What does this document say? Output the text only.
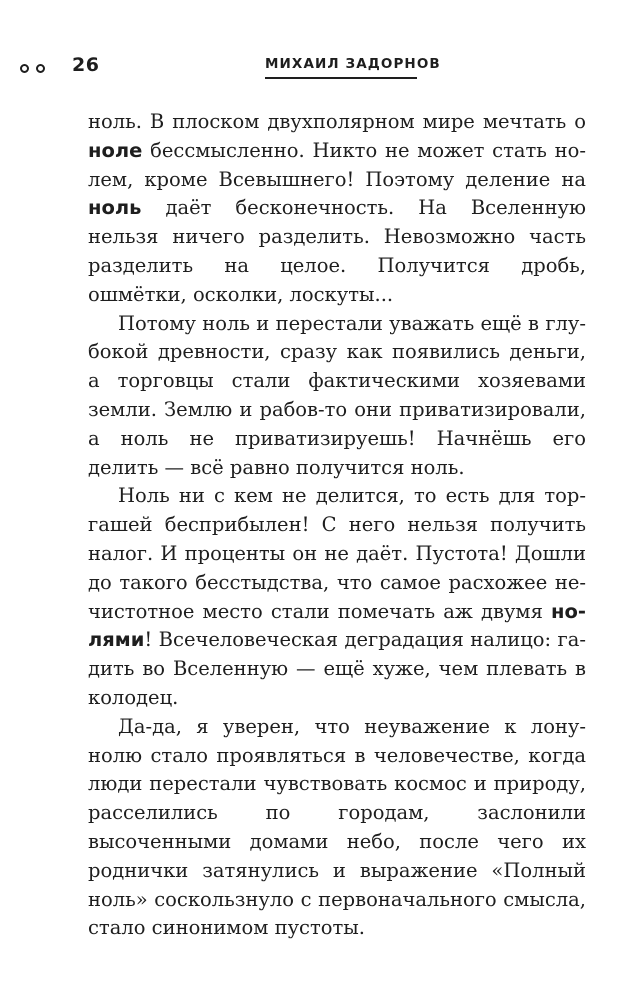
26	МИХАИЛ ЗАДОРНОВ

ноль. В плоском двухполярном мире мечтать о ноле бессмысленно. Никто не может стать нолем, кроме Всевышнего! Поэтому деление на ноль даёт бесконечность. На Вселенную нельзя ничего разделить. Невозможно часть разделить на целое. Получится дробь, ошмётки, осколки, лоскуты...

Потому ноль и перестали уважать ещё в глубокой древности, сразу как появились деньги, а торговцы стали фактическими хозяевами земли. Землю и рабов-то они приватизировали, а ноль не приватизируешь! Начнёшь его делить — всё равно получится ноль.

Ноль ни с кем не делится, то есть для торгашей бесприбылен! С него нельзя получить налог. И проценты он не даёт. Пустота! Дошли до такого бесстыдства, что самое расхожее нечистотное место стали помечать аж двумя нолями! Всечеловеческая деградация налицо: гадить во Вселенную — ещё хуже, чем плевать в колодец.

Да-да, я уверен, что неуважение к лону-нолю стало проявляться в человечестве, когда люди перестали чувствовать космос и природу, расселились по городам, заслонили высоченными домами небо, после чего их роднички затянулись и выражение «Полный ноль» соскользнуло с первоначального смысла, стало синонимом пустоты.
